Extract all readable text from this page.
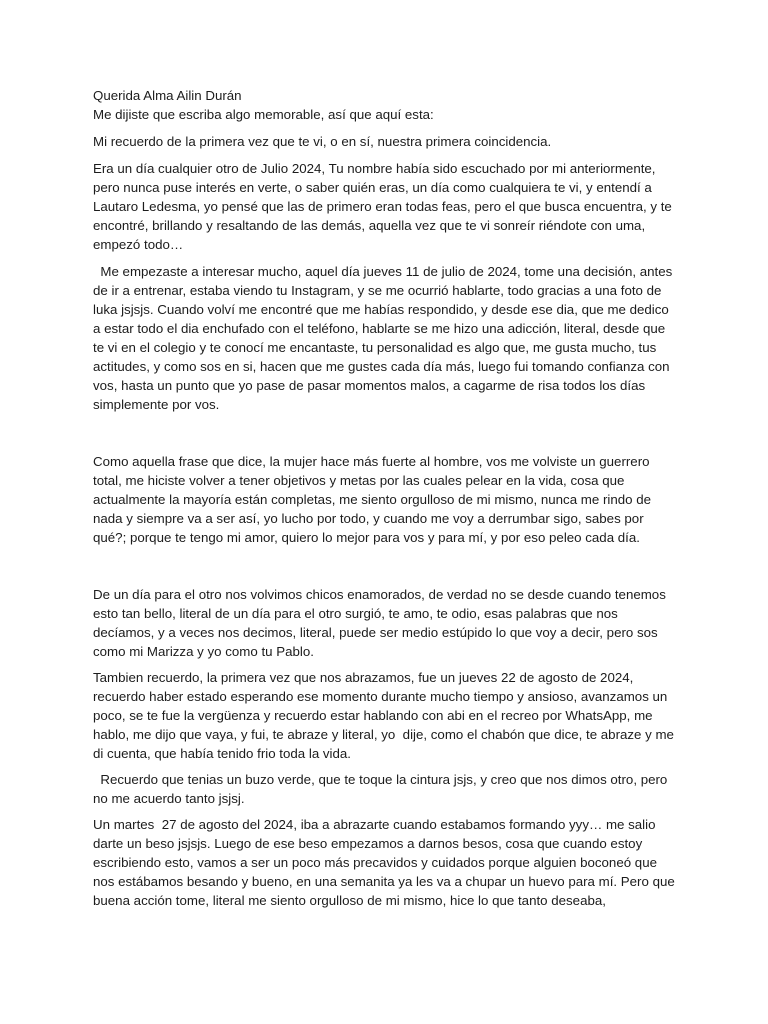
Querida Alma Ailin Durán

Me dijiste que escriba algo memorable, así que aquí esta:

Mi recuerdo de la primera vez que te vi, o en sí, nuestra primera coincidencia.

Era un día cualquier otro de Julio 2024, Tu nombre había sido escuchado por mi anteriormente, pero nunca puse interés en verte, o saber quién eras, un día como cualquiera te vi, y entendí a Lautaro Ledesma, yo pensé que las de primero eran todas feas, pero el que busca encuentra, y te encontré, brillando y resaltando de las demás, aquella vez que te vi sonreír riéndote con uma, empezó todo…

Me empezaste a interesar mucho, aquel día jueves 11 de julio de 2024, tome una decisión, antes de ir a entrenar, estaba viendo tu Instagram, y se me ocurrió hablarte, todo gracias a una foto de luka jsjsjs. Cuando volví me encontré que me habías respondido, y desde ese dia, que me dedico a estar todo el dia enchufado con el teléfono, hablarte se me hizo una adicción, literal, desde que te vi en el colegio y te conocí me encantaste, tu personalidad es algo que, me gusta mucho, tus actitudes, y como sos en si, hacen que me gustes cada día más, luego fui tomando confianza con vos, hasta un punto que yo pase de pasar momentos malos, a cagarme de risa todos los días simplemente por vos.

Como aquella frase que dice, la mujer hace más fuerte al hombre, vos me volviste un guerrero total, me hiciste volver a tener objetivos y metas por las cuales pelear en la vida, cosa que actualmente la mayoría están completas, me siento orgulloso de mi mismo, nunca me rindo de nada y siempre va a ser así, yo lucho por todo, y cuando me voy a derrumbar sigo, sabes por qué?; porque te tengo mi amor, quiero lo mejor para vos y para mí, y por eso peleo cada día.

De un día para el otro nos volvimos chicos enamorados, de verdad no se desde cuando tenemos esto tan bello, literal de un día para el otro surgió, te amo, te odio, esas palabras que nos decíamos, y a veces nos decimos, literal, puede ser medio estúpido lo que voy a decir, pero sos como mi Marizza y yo como tu Pablo.

Tambien recuerdo, la primera vez que nos abrazamos, fue un jueves 22 de agosto de 2024, recuerdo haber estado esperando ese momento durante mucho tiempo y ansioso, avanzamos un poco, se te fue la vergüenza y recuerdo estar hablando con abi en el recreo por WhatsApp, me hablo, me dijo que vaya, y fui, te abraze y literal, yo  dije, como el chabón que dice, te abraze y me di cuenta, que había tenido frio toda la vida.

Recuerdo que tenias un buzo verde, que te toque la cintura jsjs, y creo que nos dimos otro, pero no me acuerdo tanto jsjsj.

Un martes  27 de agosto del 2024, iba a abrazarte cuando estabamos formando yyy… me salio darte un beso jsjsjs. Luego de ese beso empezamos a darnos besos, cosa que cuando estoy escribiendo esto, vamos a ser un poco más precavidos y cuidados porque alguien boconeó que nos estábamos besando y bueno, en una semanita ya les va a chupar un huevo para mí. Pero que buena acción tome, literal me siento orgulloso de mi mismo, hice lo que tanto deseaba,
